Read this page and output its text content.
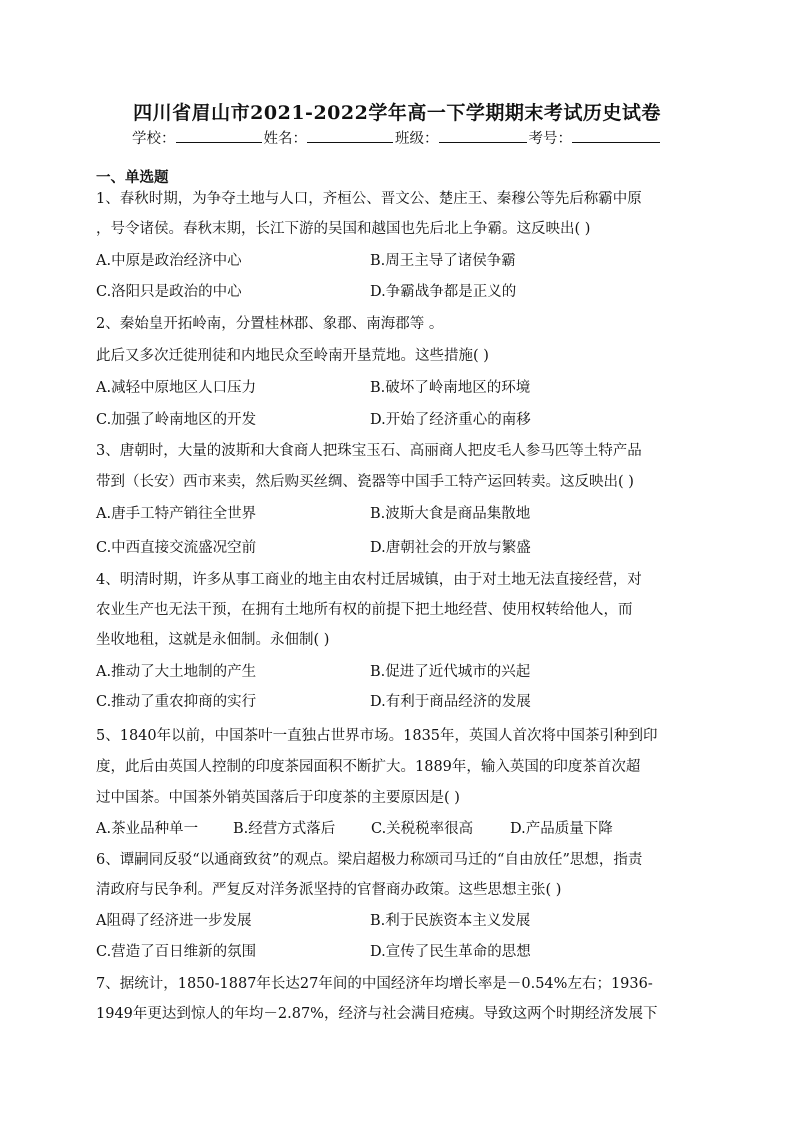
四川省眉山市2021-2022学年高一下学期期末考试历史试卷
学校：	姓名：	班级：	考号：
一、单选题
1、春秋时期，为争夺土地与人口，齐桓公、晋文公、楚庄王、秦穆公等先后称霸中原
，号令诸侯。春秋末期，长江下游的吴国和越国也先后北上争霸。这反映出( )
A.中原是政治经济中心	B.周王主导了诸侯争霸
C.洛阳只是政治的中心	D.争霸战争都是正义的
2、秦始皇开拓岭南，分置桂林郡、象郡、南海郡等 。
此后又多次迁徙刑徒和内地民众至岭南开垦荒地。这些措施( )
A.减轻中原地区人口压力	B.破坏了岭南地区的环境
C.加强了岭南地区的开发	D.开始了经济重心的南移
3、唐朝时，大量的波斯和大食商人把珠宝玉石、高丽商人把皮毛人参马匹等土特产品
带到（长安）西市来卖，然后购买丝绸、瓷器等中国手工特产运回转卖。这反映出( )
A.唐手工特产销往全世界	B.波斯大食是商品集散地
C.中西直接交流盛况空前	D.唐朝社会的开放与繁盛
4、明清时期，许多从事工商业的地主由农村迁居城镇，由于对土地无法直接经营，对
农业生产也无法干预，在拥有土地所有权的前提下把土地经营、使用权转给他人，而
坐收地租，这就是永佃制。永佃制( )
A.推动了大土地制的产生	B.促进了近代城市的兴起
C.推动了重农抑商的实行	D.有利于商品经济的发展
5、1840年以前，中国茶叶一直独占世界市场。1835年，英国人首次将中国茶引种到印
度，此后由英国人控制的印度茶园面积不断扩大。1889年，输入英国的印度茶首次超
过中国茶。中国茶外销英国落后于印度茶的主要原因是( )
A.茶业品种单一 B.经营方式落后 C.关税税率很高	D.产品质量下降
6、谭嗣同反驳“以通商致贫”的观点。梁启超极力称颂司马迁的“自由放任”思想，指责
清政府与民争利。严复反对洋务派坚持的官督商办政策。这些思想主张( )
A阻碍了经济进一步发展	B.利于民族资本主义发展
C.营造了百日维新的氛围	D.宣传了民生革命的思想
7、据统计，1850-1887年长达27年间的中国经济年均增长率是－0.54%左右；1936-
1949年更达到惊人的年均－2.87%，经济与社会满目疮痍。导致这两个时期经济发展下
